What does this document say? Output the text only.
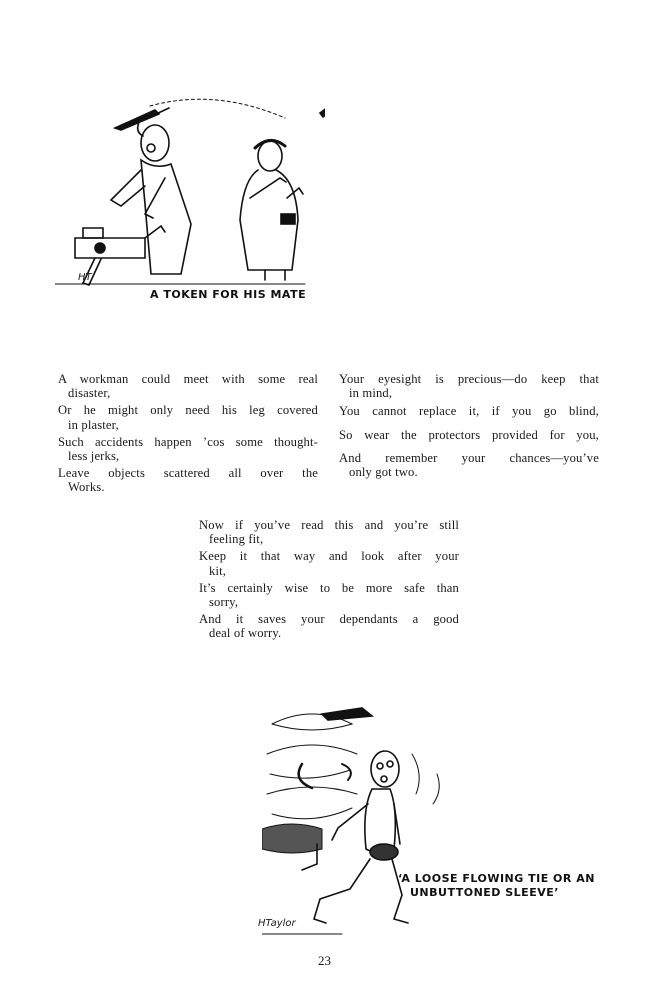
HT
A TOKEN FOR HIS MATE
A workman could meet with some real
disaster,
Or he might only need his leg covered
in plaster,
Such accidents happen ’cos some thought-
less jerks,
Leave objects scattered all over the
Works.
Your eyesight is precious—do keep that
in mind,
You cannot replace it, if you go blind,
So wear the protectors provided for you,
And remember your chances—you’ve
only got two.
Now if you’ve read this and you’re still
feeling fit,
Keep it that way and look after your
kit,
It’s certainly wise to be more safe than
sorry,
And it saves your dependants a good
deal of worry.
‘A LOOSE FLOWING TIE OR AN
UNBUTTONED SLEEVE’
HTaylor
23
